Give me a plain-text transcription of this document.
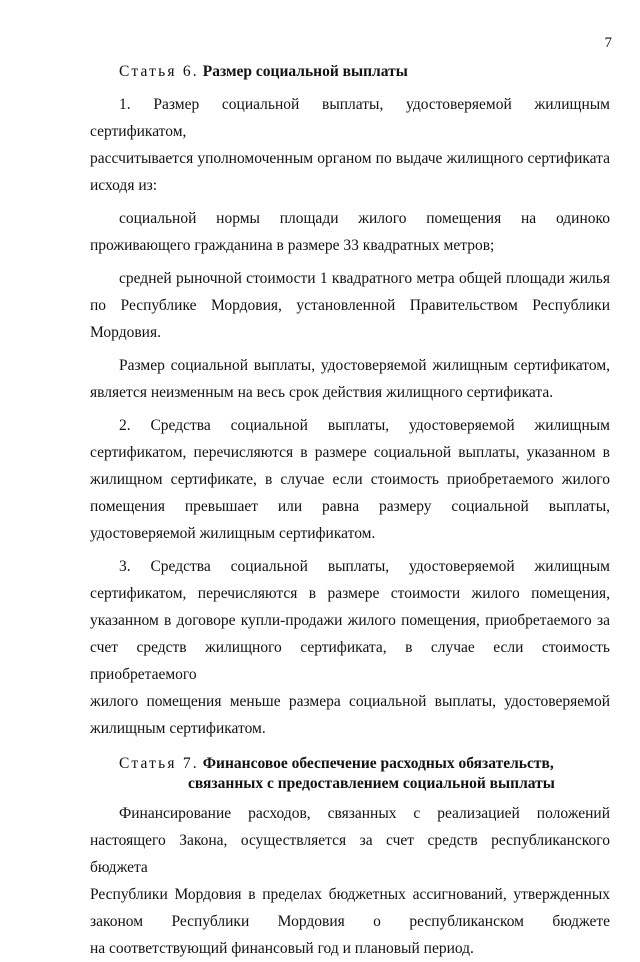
7

Статья 6. Размер социальной выплаты

1. Размер социальной выплаты, удостоверяемой жилищным сертификатом,

рассчитывается уполномоченным органом по выдаче жилищного сертификата

исходя из:

социальной нормы площади жилого помещения на одиноко

проживающего гражданина в размере 33 квадратных метров;

средней рыночной стоимости 1 квадратного метра общей площади жилья

по Республике Мордовия, установленной Правительством Республики

Мордовия.

Размер социальной выплаты, удостоверяемой жилищным сертификатом,

является неизменным на весь срок действия жилищного сертификата.

2. Средства социальной выплаты, удостоверяемой жилищным

сертификатом, перечисляются в размере социальной выплаты, указанном в

жилищном сертификате, в случае если стоимость приобретаемого жилого

помещения превышает или равна размеру социальной выплаты,

удостоверяемой жилищным сертификатом.

3. Средства социальной выплаты, удостоверяемой жилищным

сертификатом, перечисляются в размере стоимости жилого помещения,

указанном в договоре купли-продажи жилого помещения, приобретаемого за

счет средств жилищного сертификата, в случае если стоимость приобретаемого

жилого помещения меньше размера социальной выплаты, удостоверяемой

жилищным сертификатом.

Статья 7. Финансовое обеспечение расходных обязательств,

связанных с предоставлением социальной выплаты

Финансирование расходов, связанных с реализацией положений

настоящего Закона, осуществляется за счет средств республиканского бюджета

Республики Мордовия в пределах бюджетных ассигнований, утвержденных

законом Республики Мордовия о республиканском бюджете

на соответствующий финансовый год и плановый период.
